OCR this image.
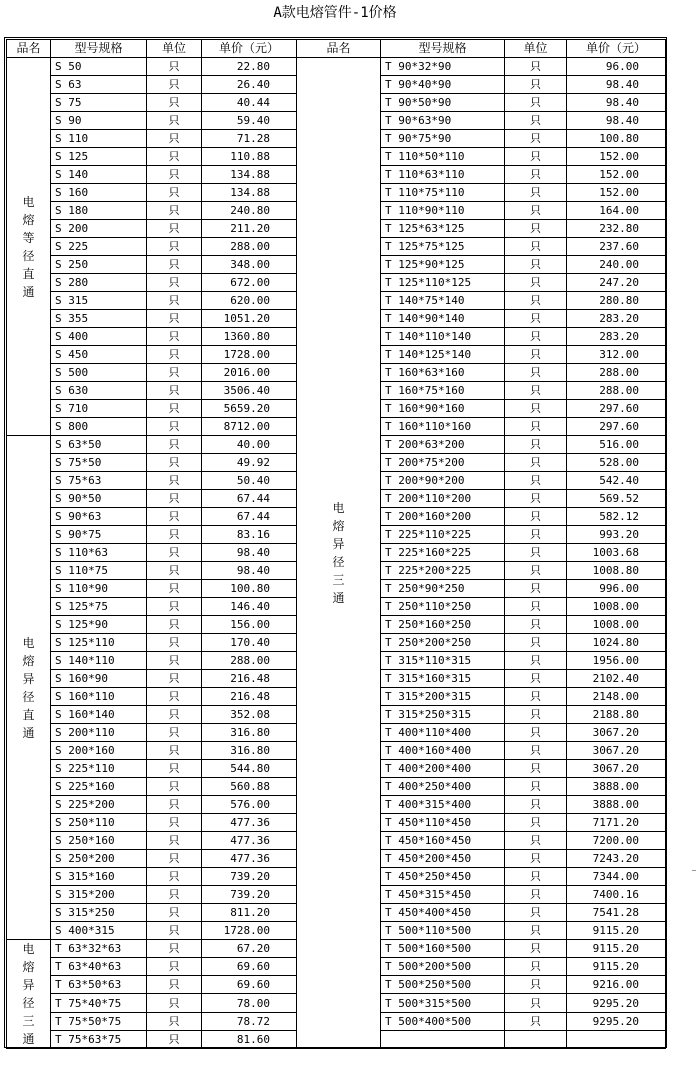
A款电熔管件-1价格
品名	型号规格	单位	单价（元）	品名	型号规格	单位	单价（元）

电熔等径直通	S 50	只	22.80	电熔异径三通	T 90*32*90	只	96.00
	S 63	只	26.40		T 90*40*90	只	98.40
	S 75	只	40.44		T 90*50*90	只	98.40
	S 90	只	59.40		T 90*63*90	只	98.40
	S 110	只	71.28		T 90*75*90	只	100.80
	S 125	只	110.88		T 110*50*110	只	152.00
	S 140	只	134.88		T 110*63*110	只	152.00
	S 160	只	134.88		T 110*75*110	只	152.00
	S 180	只	240.80		T 110*90*110	只	164.00
	S 200	只	211.20		T 125*63*125	只	232.80
	S 225	只	288.00		T 125*75*125	只	237.60
	S 250	只	348.00		T 125*90*125	只	240.00
	S 280	只	672.00		T 125*110*125	只	247.20
	S 315	只	620.00		T 140*75*140	只	280.80
	S 355	只	1051.20		T 140*90*140	只	283.20
	S 400	只	1360.80		T 140*110*140	只	283.20
	S 450	只	1728.00		T 140*125*140	只	312.00
	S 500	只	2016.00		T 160*63*160	只	288.00
	S 630	只	3506.40		T 160*75*160	只	288.00
	S 710	只	5659.20		T 160*90*160	只	297.60
	S 800	只	8712.00		T 160*110*160	只	297.60

电熔异径直通	S 63*50	只	40.00		T 200*63*200	只	516.00
	S 75*50	只	49.92		T 200*75*200	只	528.00
	S 75*63	只	50.40		T 200*90*200	只	542.40
	S 90*50	只	67.44		T 200*110*200	只	569.52
	S 90*63	只	67.44		T 200*160*200	只	582.12
	S 90*75	只	83.16		T 225*110*225	只	993.20
	S 110*63	只	98.40		T 225*160*225	只	1003.68
	S 110*75	只	98.40		T 225*200*225	只	1008.80
	S 110*90	只	100.80		T 250*90*250	只	996.00
	S 125*75	只	146.40		T 250*110*250	只	1008.00
	S 125*90	只	156.00		T 250*160*250	只	1008.00
	S 125*110	只	170.40		T 250*200*250	只	1024.80
	S 140*110	只	288.00		T 315*110*315	只	1956.00
	S 160*90	只	216.48		T 315*160*315	只	2102.40
	S 160*110	只	216.48		T 315*200*315	只	2148.00
	S 160*140	只	352.08		T 315*250*315	只	2188.80
	S 200*110	只	316.80		T 400*110*400	只	3067.20
	S 200*160	只	316.80		T 400*160*400	只	3067.20
	S 225*110	只	544.80		T 400*200*400	只	3067.20
	S 225*160	只	560.88		T 400*250*400	只	3888.00
	S 225*200	只	576.00		T 400*315*400	只	3888.00
	S 250*110	只	477.36		T 450*110*450	只	7171.20
	S 250*160	只	477.36		T 450*160*450	只	7200.00
	S 250*200	只	477.36		T 450*200*450	只	7243.20
	S 315*160	只	739.20		T 450*250*450	只	7344.00
	S 315*200	只	739.20		T 450*315*450	只	7400.16
	S 315*250	只	811.20		T 450*400*450	只	7541.28
	S 400*315	只	1728.00		T 500*110*500	只	9115.20

电熔异径三通	T 63*32*63	只	67.20		T 500*160*500	只	9115.20
	T 63*40*63	只	69.60		T 500*200*500	只	9115.20
	T 63*50*63	只	69.60		T 500*250*500	只	9216.00
	T 75*40*75	只	78.00		T 500*315*500	只	9295.20
	T 75*50*75	只	78.72		T 500*400*500	只	9295.20
	T 75*63*75	只	81.60				
